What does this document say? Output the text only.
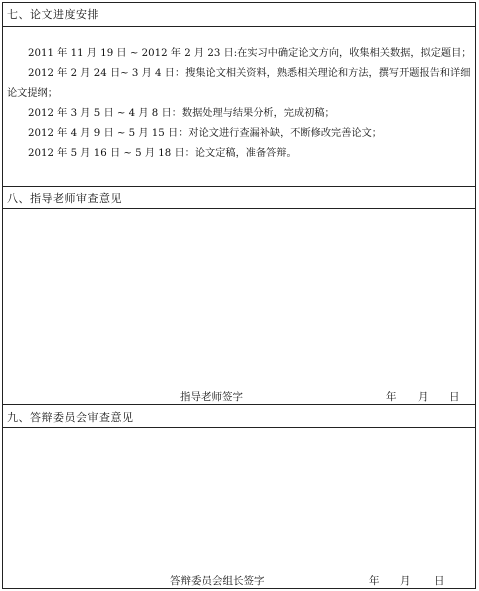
七、论文进度安排

2011 年 11 月 19 日 ~ 2012 年 2 月 23 日:在实习中确定论文方向，收集相关数据，拟定题目；

2012 年 2 月 24 日~ 3 月 4 日：搜集论文相关资料，熟悉相关理论和方法，撰写开题报告和详细论文提纲；

2012 年 3 月 5 日 ~ 4 月 8 日：数据处理与结果分析，完成初稿；

2012 年 4 月 9 日 ~ 5 月 15 日：对论文进行查漏补缺，不断修改完善论文；

2012 年 5 月 16 日 ~ 5 月 18 日：论文定稿，准备答辩。

八、指导老师审查意见
指导老师签字	年 月 日
九、答辩委员会审查意见
答辩委员会组长签字	年 月 日
